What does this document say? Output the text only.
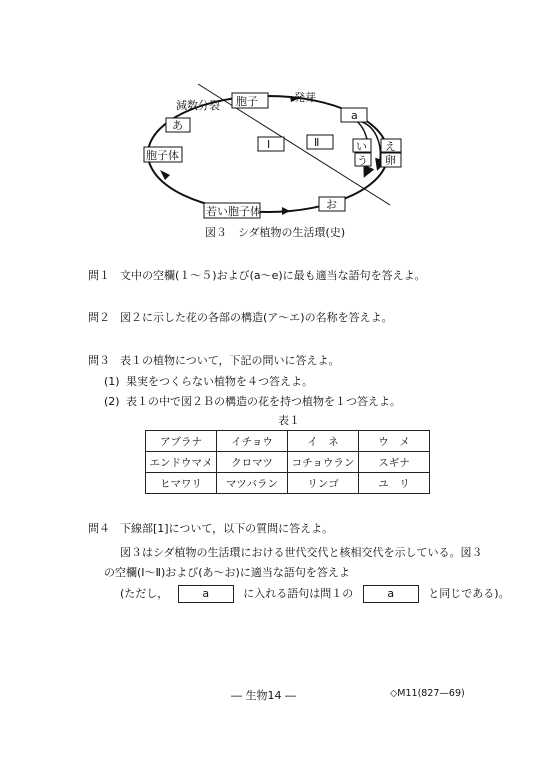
減数分裂 胞子	発芽
a
あ
胞子体
Ⅰ	Ⅱ	い え
う 卵
お
若い胞子体
図３　シダ植物の生活環(史)
問１ 文中の空欄(１〜５)および(a〜e)に最も適当な語句を答えよ。
問２ 図２に示した花の各部の構造(ア〜エ)の名称を答えよ。
問３ 表１の植物について，下記の問いに答えよ。
(1) 果実をつくらない植物を４つ答えよ。
(2) 表１の中で図２Ｂの構造の花を持つ植物を１つ答えよ。
表１
アブラナ	イチョウ	イ　ネ	ウ　メ
エンドウマメ	クロマツ	コチョウラン	スギナ
ヒマワリ	マツバラン	リンゴ	ユ　リ
問４ 下線部[1]について，以下の質問に答えよ。
図３はシダ植物の生活環における世代交代と核相交代を示している。図３
の空欄(Ⅰ〜Ⅱ)および(あ〜お)に適当な語句を答えよ
(ただし，	a	に入れる語句は問１の	a	と同じである)。
― 生物14 ―	◇M11(827—69)
